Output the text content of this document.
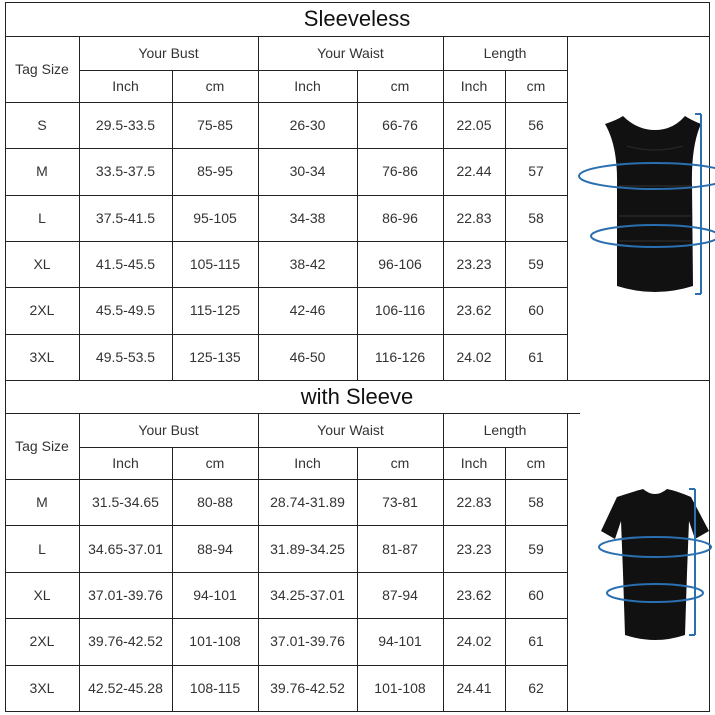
Sleeveless
Tag Size
Your Bust	Your Waist	Length
Inch	cm	Inch	cm	Inch	cm
S	29.5-33.5	75-85	26-30	66-76	22.05	56
M	33.5-37.5	85-95	30-34	76-86	22.44	57
L	37.5-41.5	95-105	34-38	86-96	22.83	58
XL	41.5-45.5	105-115	38-42	96-106	23.23	59
2XL	45.5-49.5	115-125	42-46	106-116	23.62	60
3XL	49.5-53.5	125-135	46-50	116-126	24.02	61
with Sleeve
Tag Size
Your Bust	Your Waist	Length
Inch	cm	Inch	cm	Inch	cm
M	31.5-34.65	80-88	28.74-31.89	73-81	22.83	58
L	34.65-37.01	88-94	31.89-34.25	81-87	23.23	59
XL	37.01-39.76	94-101	34.25-37.01	87-94	23.62	60
2XL	39.76-42.52	101-108	37.01-39.76	94-101	24.02	61
3XL	42.52-45.28	108-115	39.76-42.52	101-108	24.41	62
